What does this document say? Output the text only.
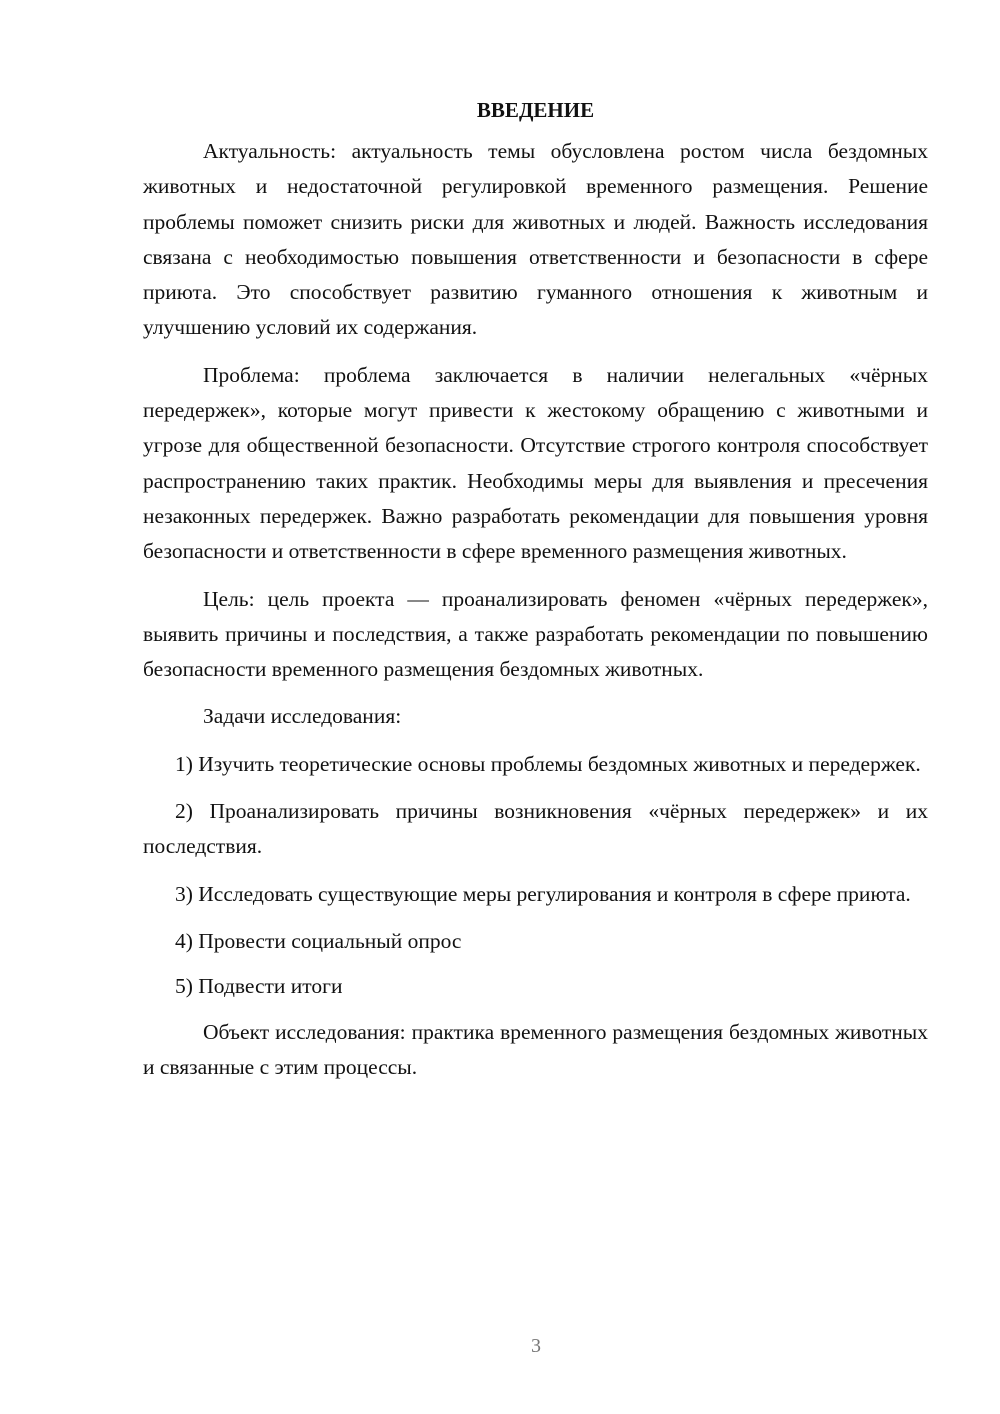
ВВЕДЕНИЕ

Актуальность: актуальность темы обусловлена ростом числа бездомных животных и недостаточной регулировкой временного размещения. Решение проблемы поможет снизить риски для животных и людей. Важность исследования связана с необходимостью повышения ответственности и безопасности в сфере приюта. Это способствует развитию гуманного отношения к животным и улучшению условий их содержания.

Проблема: проблема заключается в наличии нелегальных «чёрных передержек», которые могут привести к жестокому обращению с животными и угрозе для общественной безопасности. Отсутствие строгого контроля способствует распространению таких практик. Необходимы меры для выявления и пресечения незаконных передержек. Важно разработать рекомендации для повышения уровня безопасности и ответственности в сфере временного размещения животных.

Цель: цель проекта — проанализировать феномен «чёрных передержек», выявить причины и последствия, а также разработать рекомендации по повышению безопасности временного размещения бездомных животных.

Задачи исследования:

1) Изучить теоретические основы проблемы бездомных животных и передержек.

2) Проанализировать причины возникновения «чёрных передержек» и их последствия.

3) Исследовать существующие меры регулирования и контроля в сфере приюта.

4) Провести социальный опрос

5) Подвести итоги

Объект исследования: практика временного размещения бездомных животных и связанные с этим процессы.

3
